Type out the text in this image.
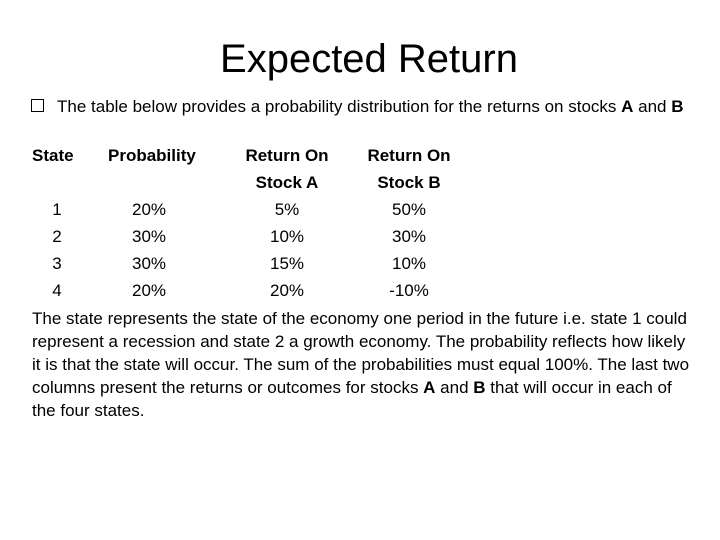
Expected Return
The table below provides a probability distribution for the returns on stocks A and B
State Probability	Return On
Stock A
Return On
Stock B
1
2
3
4
20%
30%
30%
20%
5%
10%
15%
20%
50%
30%
10%
-10%
The state represents the state of the economy one period in the future i.e. state 1 could represent a recession and state 2 a growth economy. The probability reflects how likely it is that the state will occur. The sum of the probabilities must equal 100%. The last two columns present the returns or outcomes for stocks A and B that will occur in each of the four states.
